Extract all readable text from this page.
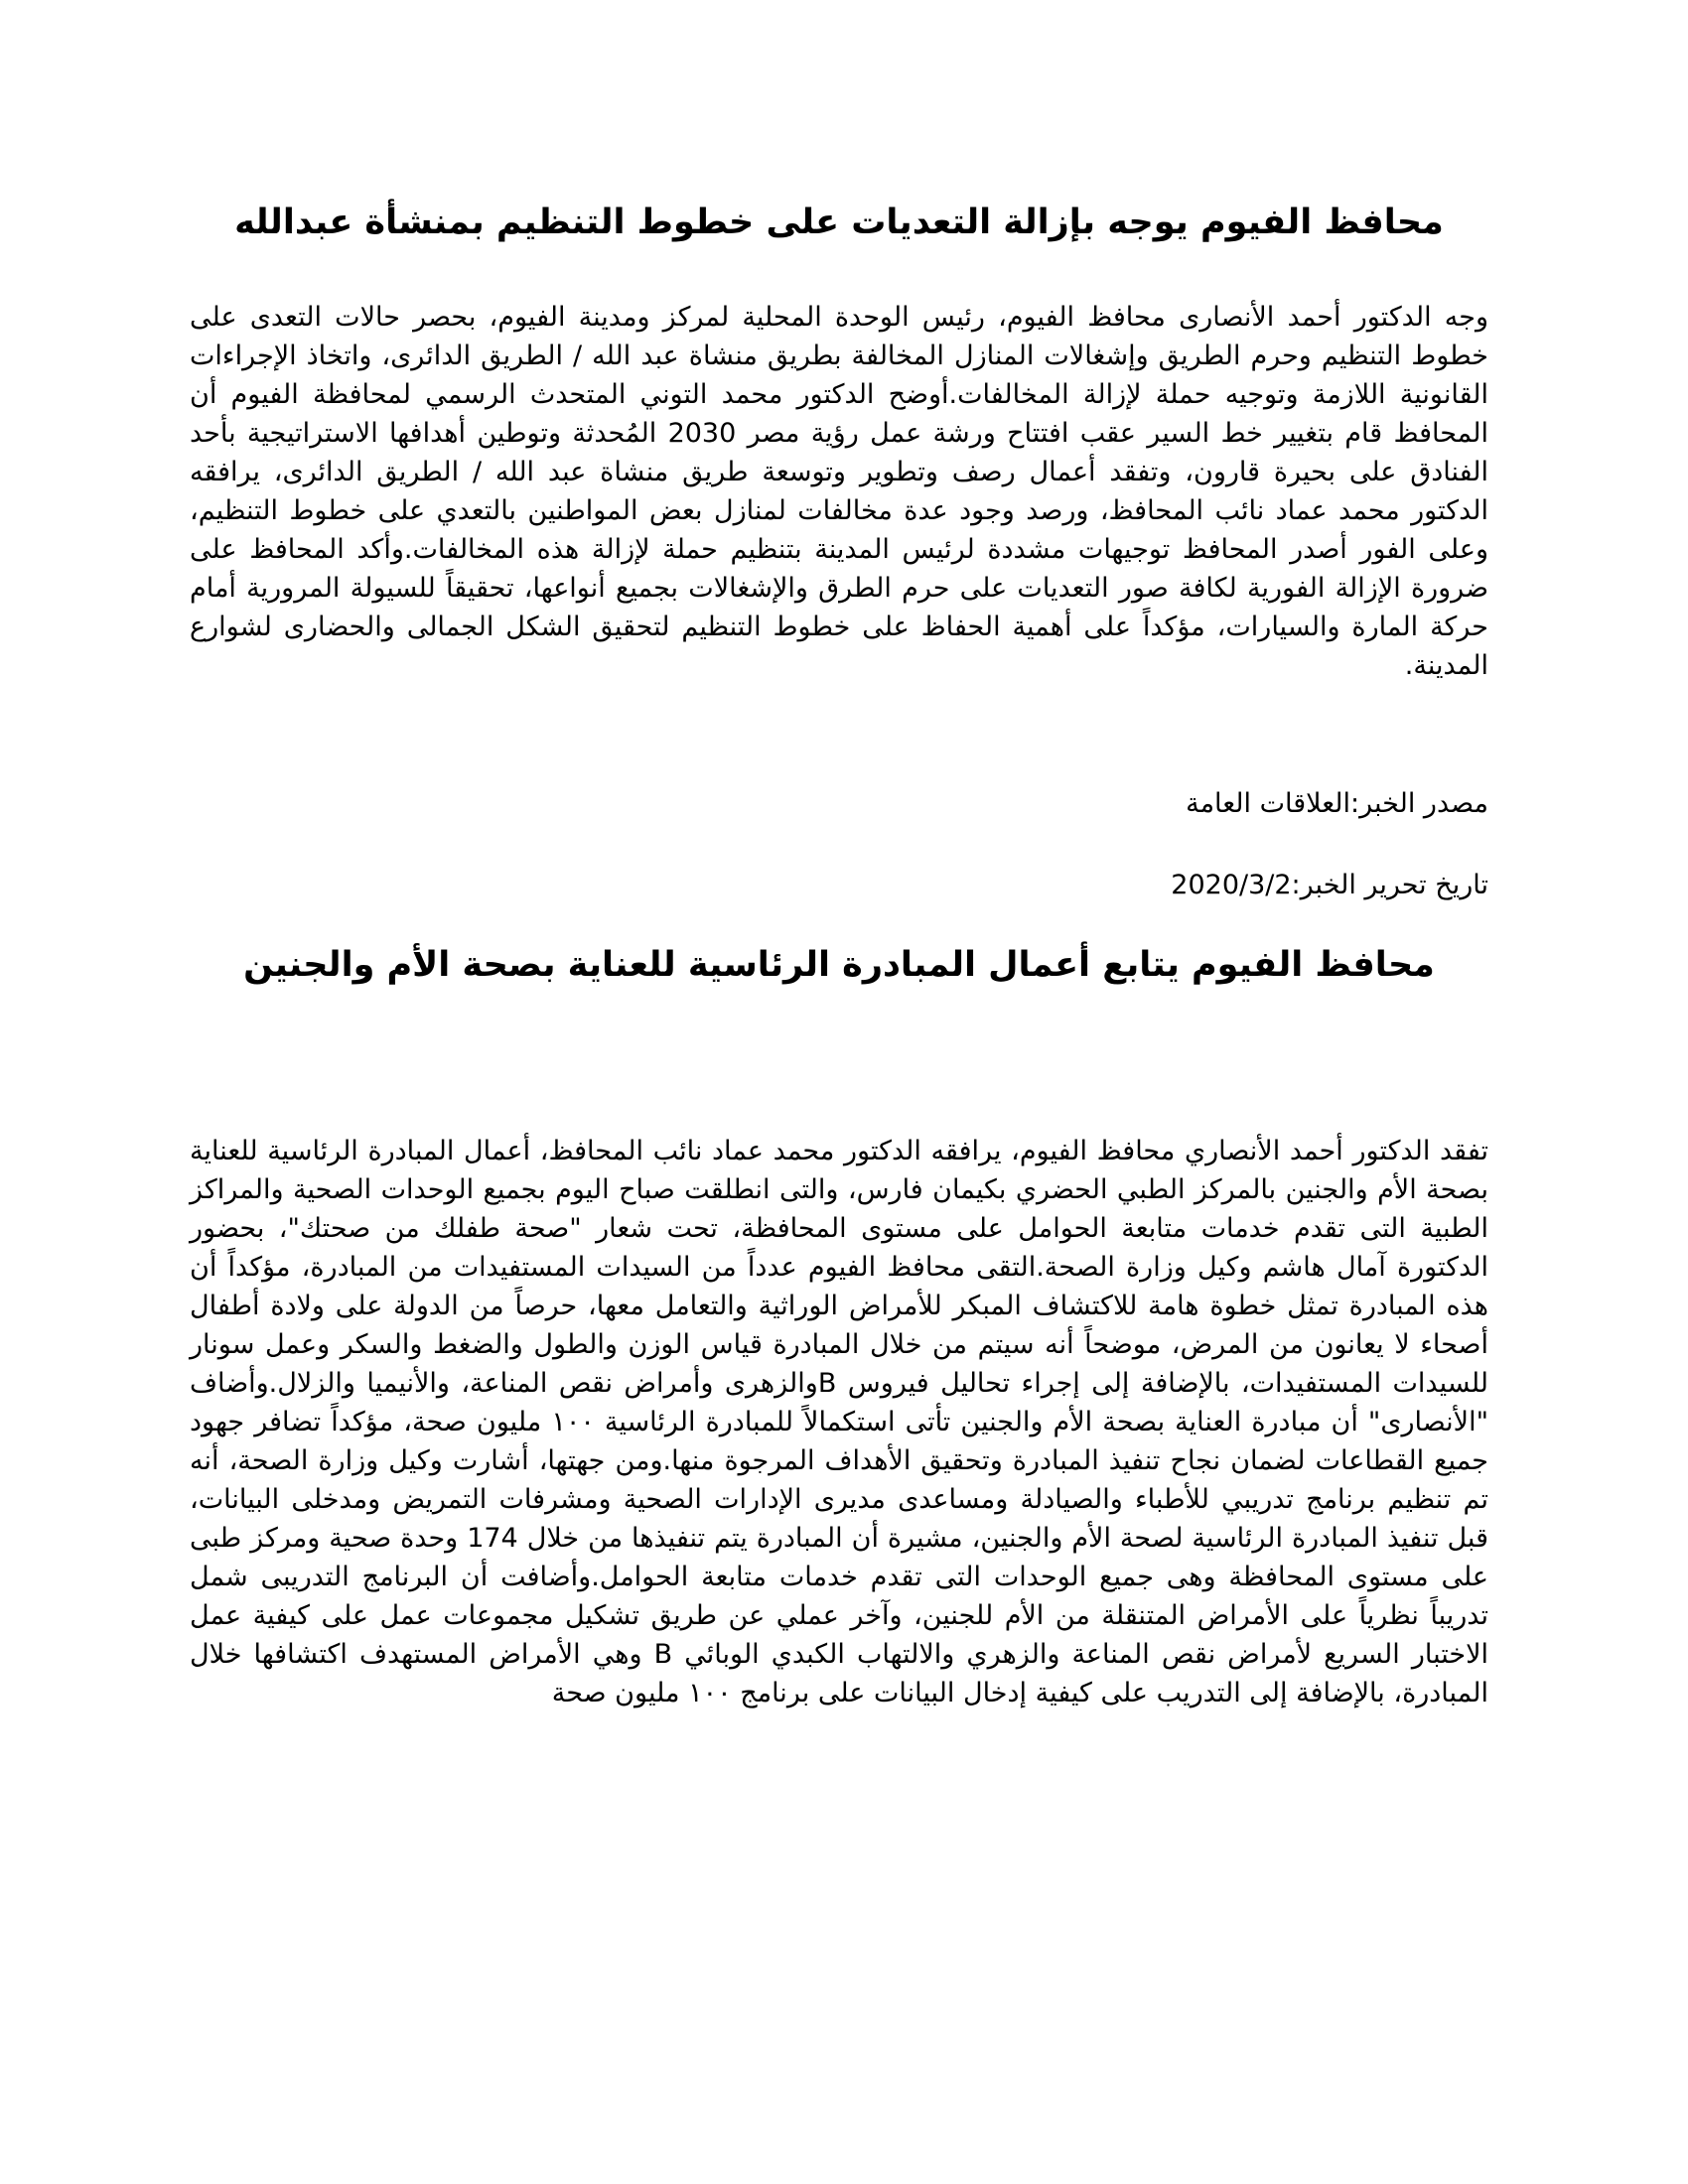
محافظ الفيوم يوجه بإزالة التعديات على خطوط التنظيم بمنشأة عبدالله

وجه الدكتور أحمد الأنصارى محافظ الفيوم، رئيس الوحدة المحلية لمركز ومدينة الفيوم، بحصر حالات التعدى على خطوط التنظيم وحرم الطريق وإشغالات المنازل المخالفة بطريق منشاة عبد الله / الطريق الدائرى، واتخاذ الإجراءات القانونية اللازمة وتوجيه حملة لإزالة المخالفات.أوضح الدكتور محمد التوني المتحدث الرسمي لمحافظة الفيوم أن المحافظ قام بتغيير خط السير عقب افتتاح ورشة عمل رؤية مصر 2030 المُحدثة وتوطين أهدافها الاستراتيجية بأحد الفنادق على بحيرة قارون، وتفقد أعمال رصف وتطوير وتوسعة طريق منشاة عبد الله / الطريق الدائرى، يرافقه الدكتور محمد عماد نائب المحافظ، ورصد وجود عدة مخالفات لمنازل بعض المواطنين بالتعدي على خطوط التنظيم، وعلى الفور أصدر المحافظ توجيهات مشددة لرئيس المدينة بتنظيم حملة لإزالة هذه المخالفات.وأكد المحافظ على ضرورة الإزالة الفورية لكافة صور التعديات على حرم الطرق والإشغالات بجميع أنواعها، تحقيقاً للسيولة المرورية أمام حركة المارة والسيارات، مؤكداً على أهمية الحفاظ على خطوط التنظيم لتحقيق الشكل الجمالى والحضارى لشوارع المدينة.

مصدر الخبر:العلاقات العامة

تاريخ تحرير الخبر:2020/3/2

محافظ الفيوم يتابع أعمال المبادرة الرئاسية للعناية بصحة الأم والجنين

تفقد الدكتور أحمد الأنصاري محافظ الفيوم، يرافقه الدكتور محمد عماد نائب المحافظ، أعمال المبادرة الرئاسية للعناية بصحة الأم والجنين بالمركز الطبي الحضري بكيمان فارس، والتى انطلقت صباح اليوم بجميع الوحدات الصحية والمراكز الطبية التى تقدم خدمات متابعة الحوامل على مستوى المحافظة، تحت شعار "صحة طفلك من صحتك"، بحضور الدكتورة آمال هاشم وكيل وزارة الصحة.التقى محافظ الفيوم عدداً من السيدات المستفيدات من المبادرة، مؤكداً أن هذه المبادرة تمثل خطوة هامة للاكتشاف المبكر للأمراض الوراثية والتعامل معها، حرصاً من الدولة على ولادة أطفال أصحاء لا يعانون من المرض، موضحاً أنه سيتم من خلال المبادرة قياس الوزن والطول والضغط والسكر وعمل سونار للسيدات المستفيدات، بالإضافة إلى إجراء تحاليل فيروس Bوالزهرى وأمراض نقص المناعة، والأنيميا والزلال.وأضاف "الأنصارى" أن مبادرة العناية بصحة الأم والجنين تأتى استكمالاً للمبادرة الرئاسية ١٠٠ مليون صحة، مؤكداً تضافر جهود جميع القطاعات لضمان نجاح تنفيذ المبادرة وتحقيق الأهداف المرجوة منها.ومن جهتها، أشارت وكيل وزارة الصحة، أنه تم تنظيم برنامج تدريبي للأطباء والصيادلة ومساعدى مديرى الإدارات الصحية ومشرفات التمريض ومدخلى البيانات، قبل تنفيذ المبادرة الرئاسية لصحة الأم والجنين، مشيرة أن المبادرة يتم تنفيذها من خلال 174 وحدة صحية ومركز طبى على مستوى المحافظة وهى جميع الوحدات التى تقدم خدمات متابعة الحوامل.وأضافت أن البرنامج التدريبى شمل تدريباً نظرياً على الأمراض المتنقلة من الأم للجنين، وآخر عملي عن طريق تشكيل مجموعات عمل على كيفية عمل الاختبار السريع لأمراض نقص المناعة والزهري والالتهاب الكبدي الوبائي B وهي الأمراض المستهدف اكتشافها خلال المبادرة، بالإضافة إلى التدريب على كيفية إدخال البيانات على برنامج ١٠٠ مليون صحة
